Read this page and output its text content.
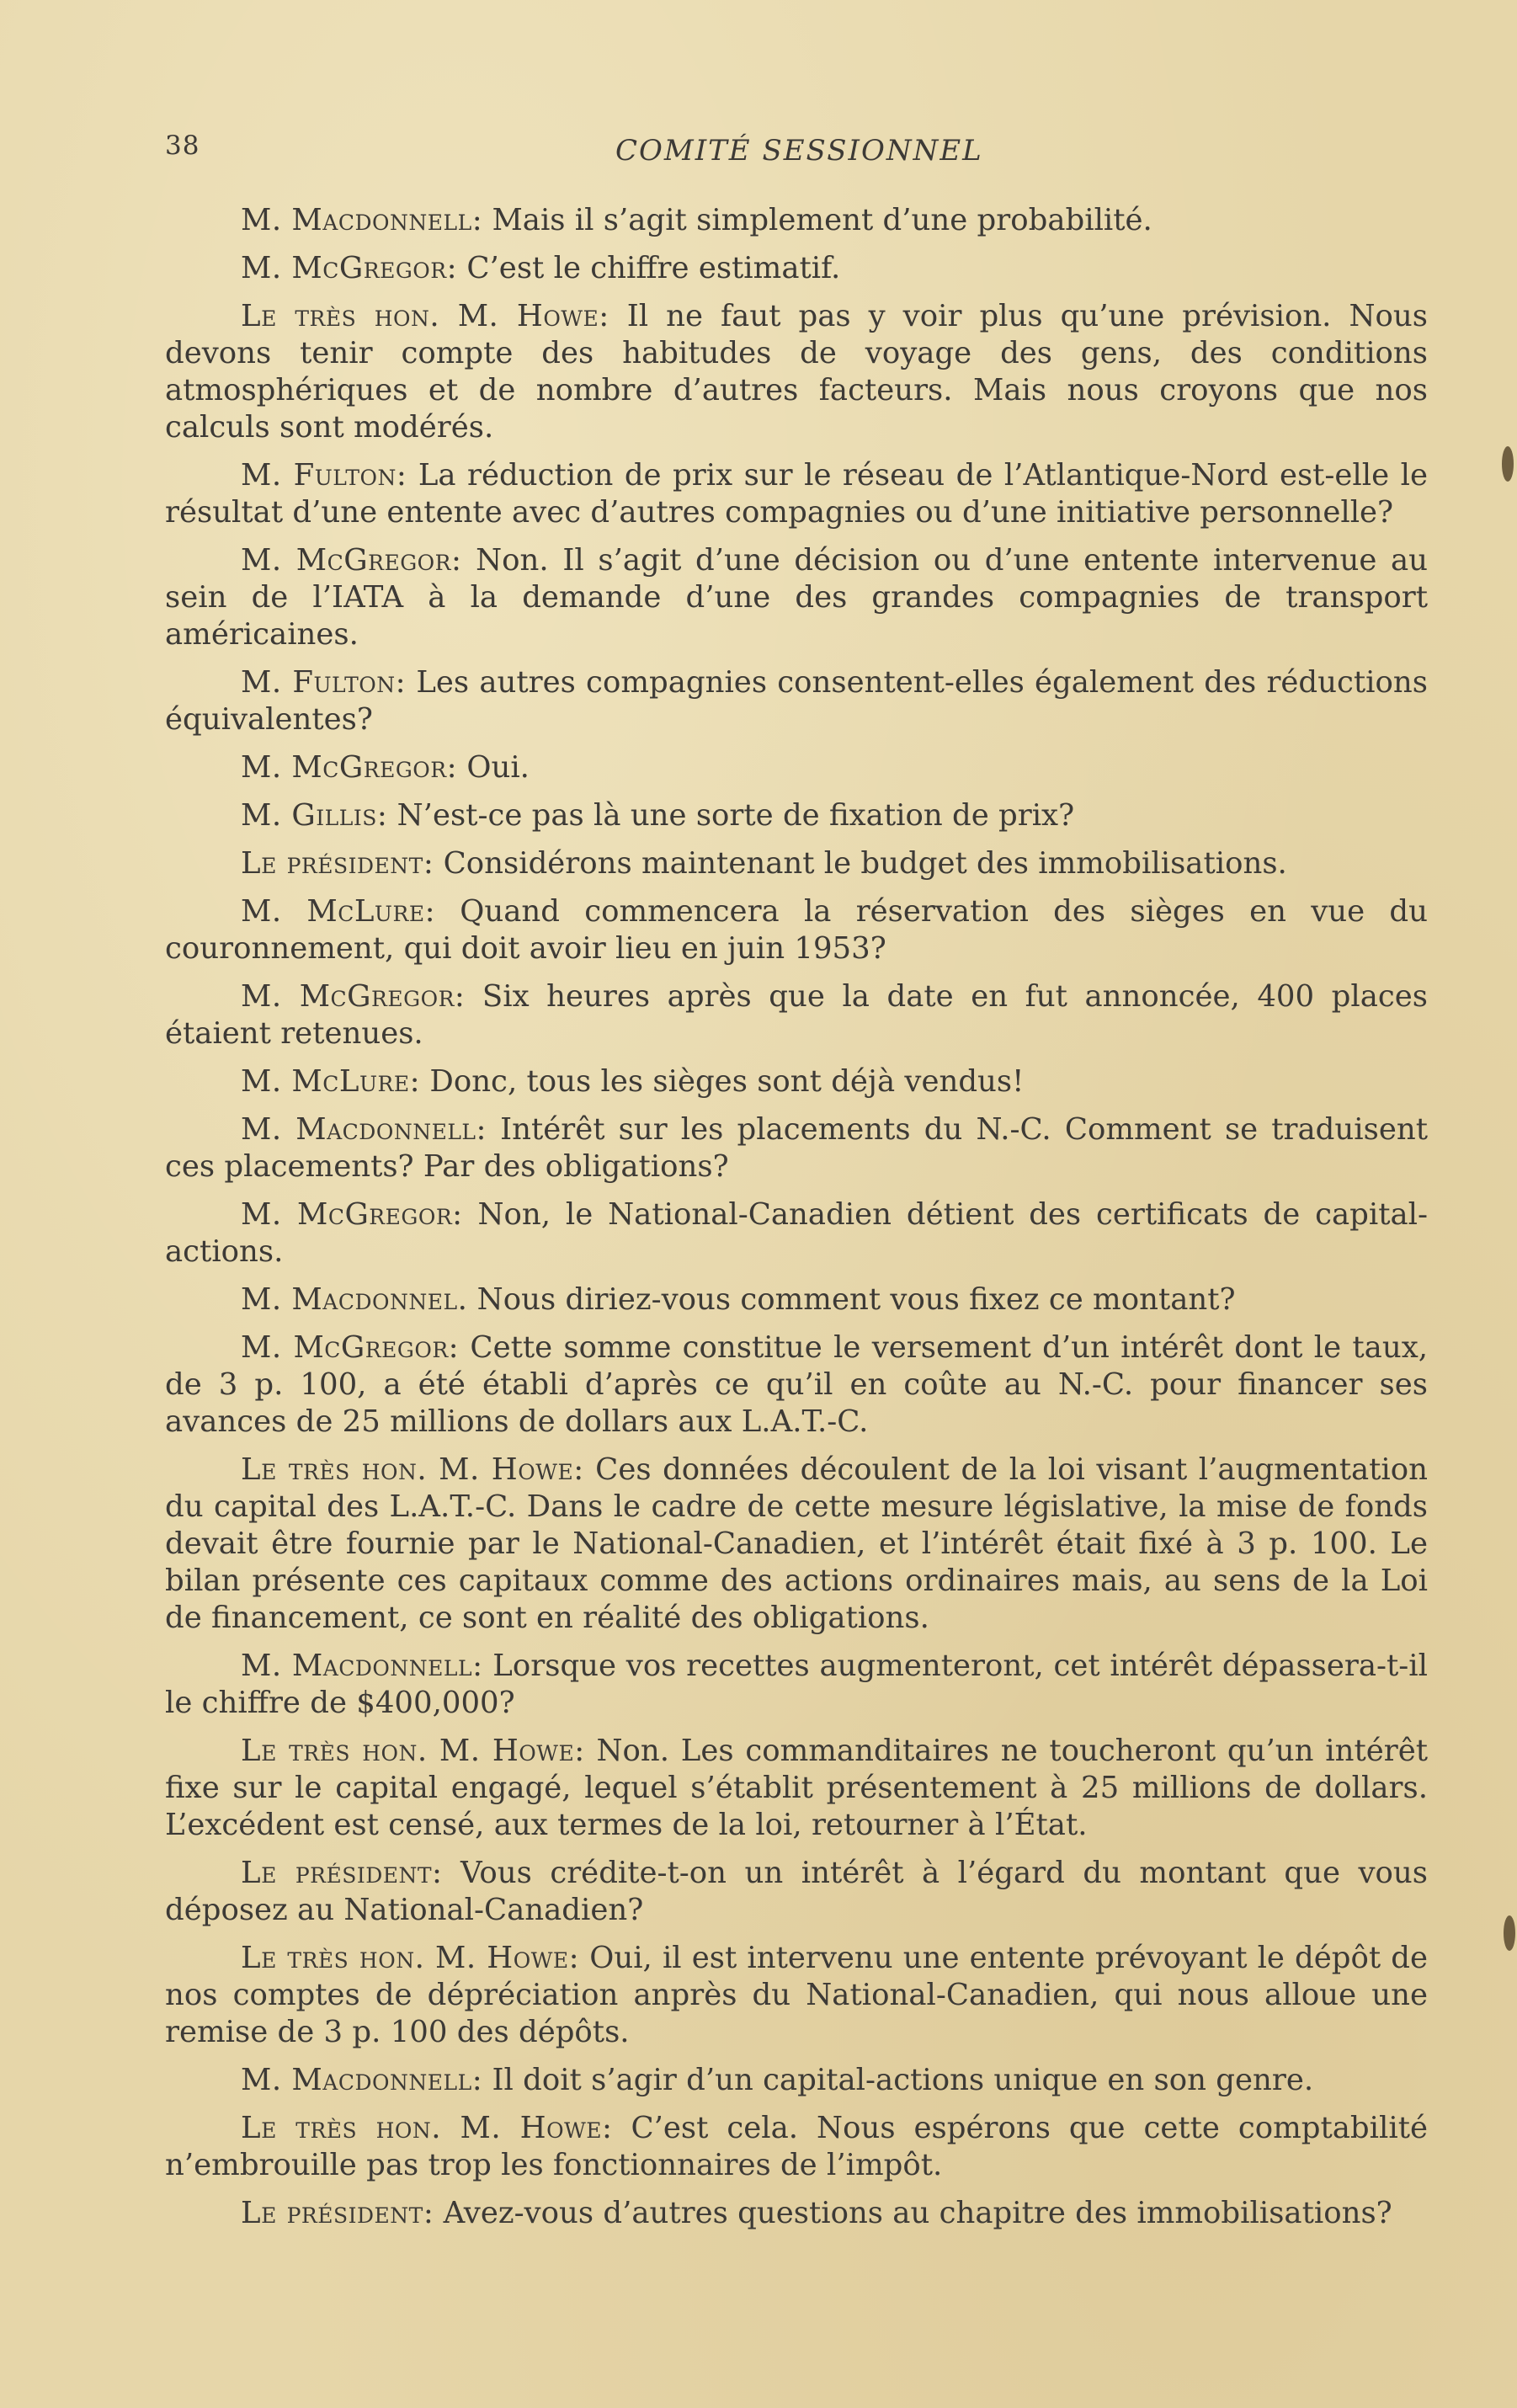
38	COMITÉ SESSIONNEL

M. Macdonnell: Mais il s’agit simplement d’une probabilité.

M. McGregor: C’est le chiffre estimatif.

Le très hon. M. Howe: Il ne faut pas y voir plus qu’une prévision. Nous devons tenir compte des habitudes de voyage des gens, des conditions atmosphériques et de nombre d’autres facteurs. Mais nous croyons que nos calculs sont modérés.

M. Fulton: La réduction de prix sur le réseau de l’Atlantique-Nord est-elle le résultat d’une entente avec d’autres compagnies ou d’une initiative personnelle?

M. McGregor: Non. Il s’agit d’une décision ou d’une entente intervenue au sein de l’IATA à la demande d’une des grandes compagnies de transport américaines.

M. Fulton: Les autres compagnies consentent-elles également des réductions équivalentes?

M. McGregor: Oui.

M. Gillis: N’est-ce pas là une sorte de fixation de prix?

Le président: Considérons maintenant le budget des immobilisations.

M. McLure: Quand commencera la réservation des sièges en vue du couronnement, qui doit avoir lieu en juin 1953?

M. McGregor: Six heures après que la date en fut annoncée, 400 places étaient retenues.

M. McLure: Donc, tous les sièges sont déjà vendus!

M. Macdonnell: Intérêt sur les placements du N.-C. Comment se traduisent ces placements? Par des obligations?

M. McGregor: Non, le National-Canadien détient des certificats de capital-actions.

M. Macdonnel. Nous diriez-vous comment vous fixez ce montant?

M. McGregor: Cette somme constitue le versement d’un intérêt dont le taux, de 3 p. 100, a été établi d’après ce qu’il en coûte au N.-C. pour financer ses avances de 25 millions de dollars aux L.A.T.-C.

Le très hon. M. Howe: Ces données découlent de la loi visant l’augmentation du capital des L.A.T.-C. Dans le cadre de cette mesure législative, la mise de fonds devait être fournie par le National-Canadien, et l’intérêt était fixé à 3 p. 100. Le bilan présente ces capitaux comme des actions ordinaires mais, au sens de la Loi de financement, ce sont en réalité des obligations.

M. Macdonnell: Lorsque vos recettes augmenteront, cet intérêt dépassera-t-il le chiffre de $400,000?

Le très hon. M. Howe: Non. Les commanditaires ne toucheront qu’un intérêt fixe sur le capital engagé, lequel s’établit présentement à 25 millions de dollars. L’excédent est censé, aux termes de la loi, retourner à l’État.

Le président: Vous crédite-t-on un intérêt à l’égard du montant que vous déposez au National-Canadien?

Le très hon. M. Howe: Oui, il est intervenu une entente prévoyant le dépôt de nos comptes de dépréciation anprès du National-Canadien, qui nous alloue une remise de 3 p. 100 des dépôts.

M. Macdonnell: Il doit s’agir d’un capital-actions unique en son genre.

Le très hon. M. Howe: C’est cela. Nous espérons que cette comptabilité n’embrouille pas trop les fonctionnaires de l’impôt.

Le président: Avez-vous d’autres questions au chapitre des immobilisations?
